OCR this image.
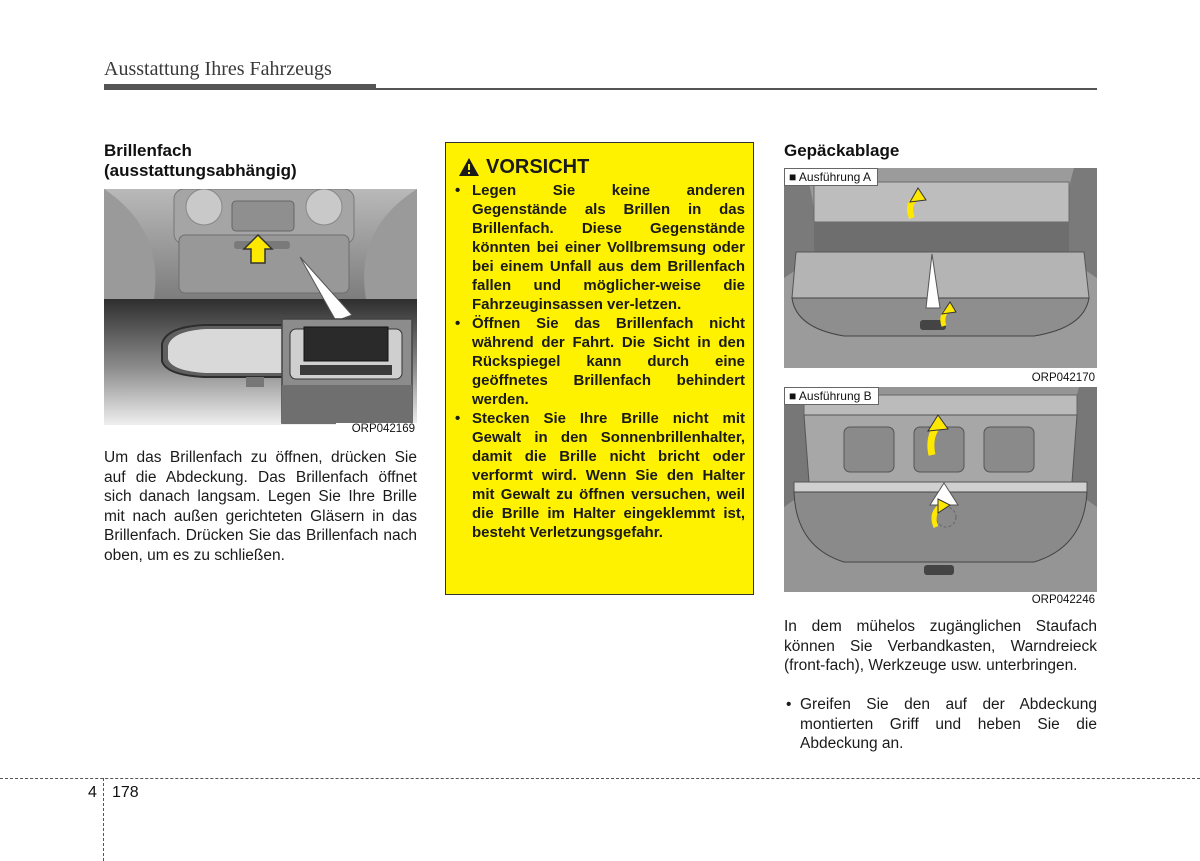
Ausstattung Ihres Fahrzeugs
Brillenfach
(ausstattungsabhängig)
ORP042169
Um das Brillenfach zu öffnen, drücken Sie auf die Abdeckung. Das Brillenfach öffnet sich danach langsam. Legen Sie Ihre Brille mit nach außen gerichteten Gläsern in das Brillenfach. Drücken Sie das Brillenfach nach oben, um es zu schließen.
VORSICHT
• Legen Sie keine anderen Gegenstände als Brillen in das Brillenfach. Diese Gegenstände könnten bei einer Vollbremsung oder bei einem Unfall aus dem Brillenfach fallen und möglicher-weise die Fahrzeuginsassen ver-letzen.
• Öffnen Sie das Brillenfach nicht während der Fahrt. Die Sicht in den Rückspiegel kann durch eine geöffnetes Brillenfach behindert werden.
• Stecken Sie Ihre Brille nicht mit Gewalt in den Sonnenbrillenhalter, damit die Brille nicht bricht oder verformt wird. Wenn Sie den Halter mit Gewalt zu öffnen versuchen, weil die Brille im Halter eingeklemmt ist, besteht Verletzungsgefahr.
Gepäckablage
■ Ausführung A
ORP042170
■ Ausführung B
ORP042246
In dem mühelos zugänglichen Staufach können Sie Verbandkasten, Warndreieck (front-fach), Werkzeuge usw. unterbringen.
• Greifen Sie den auf der Abdeckung montierten Griff und heben Sie die Abdeckung an.
4 178
